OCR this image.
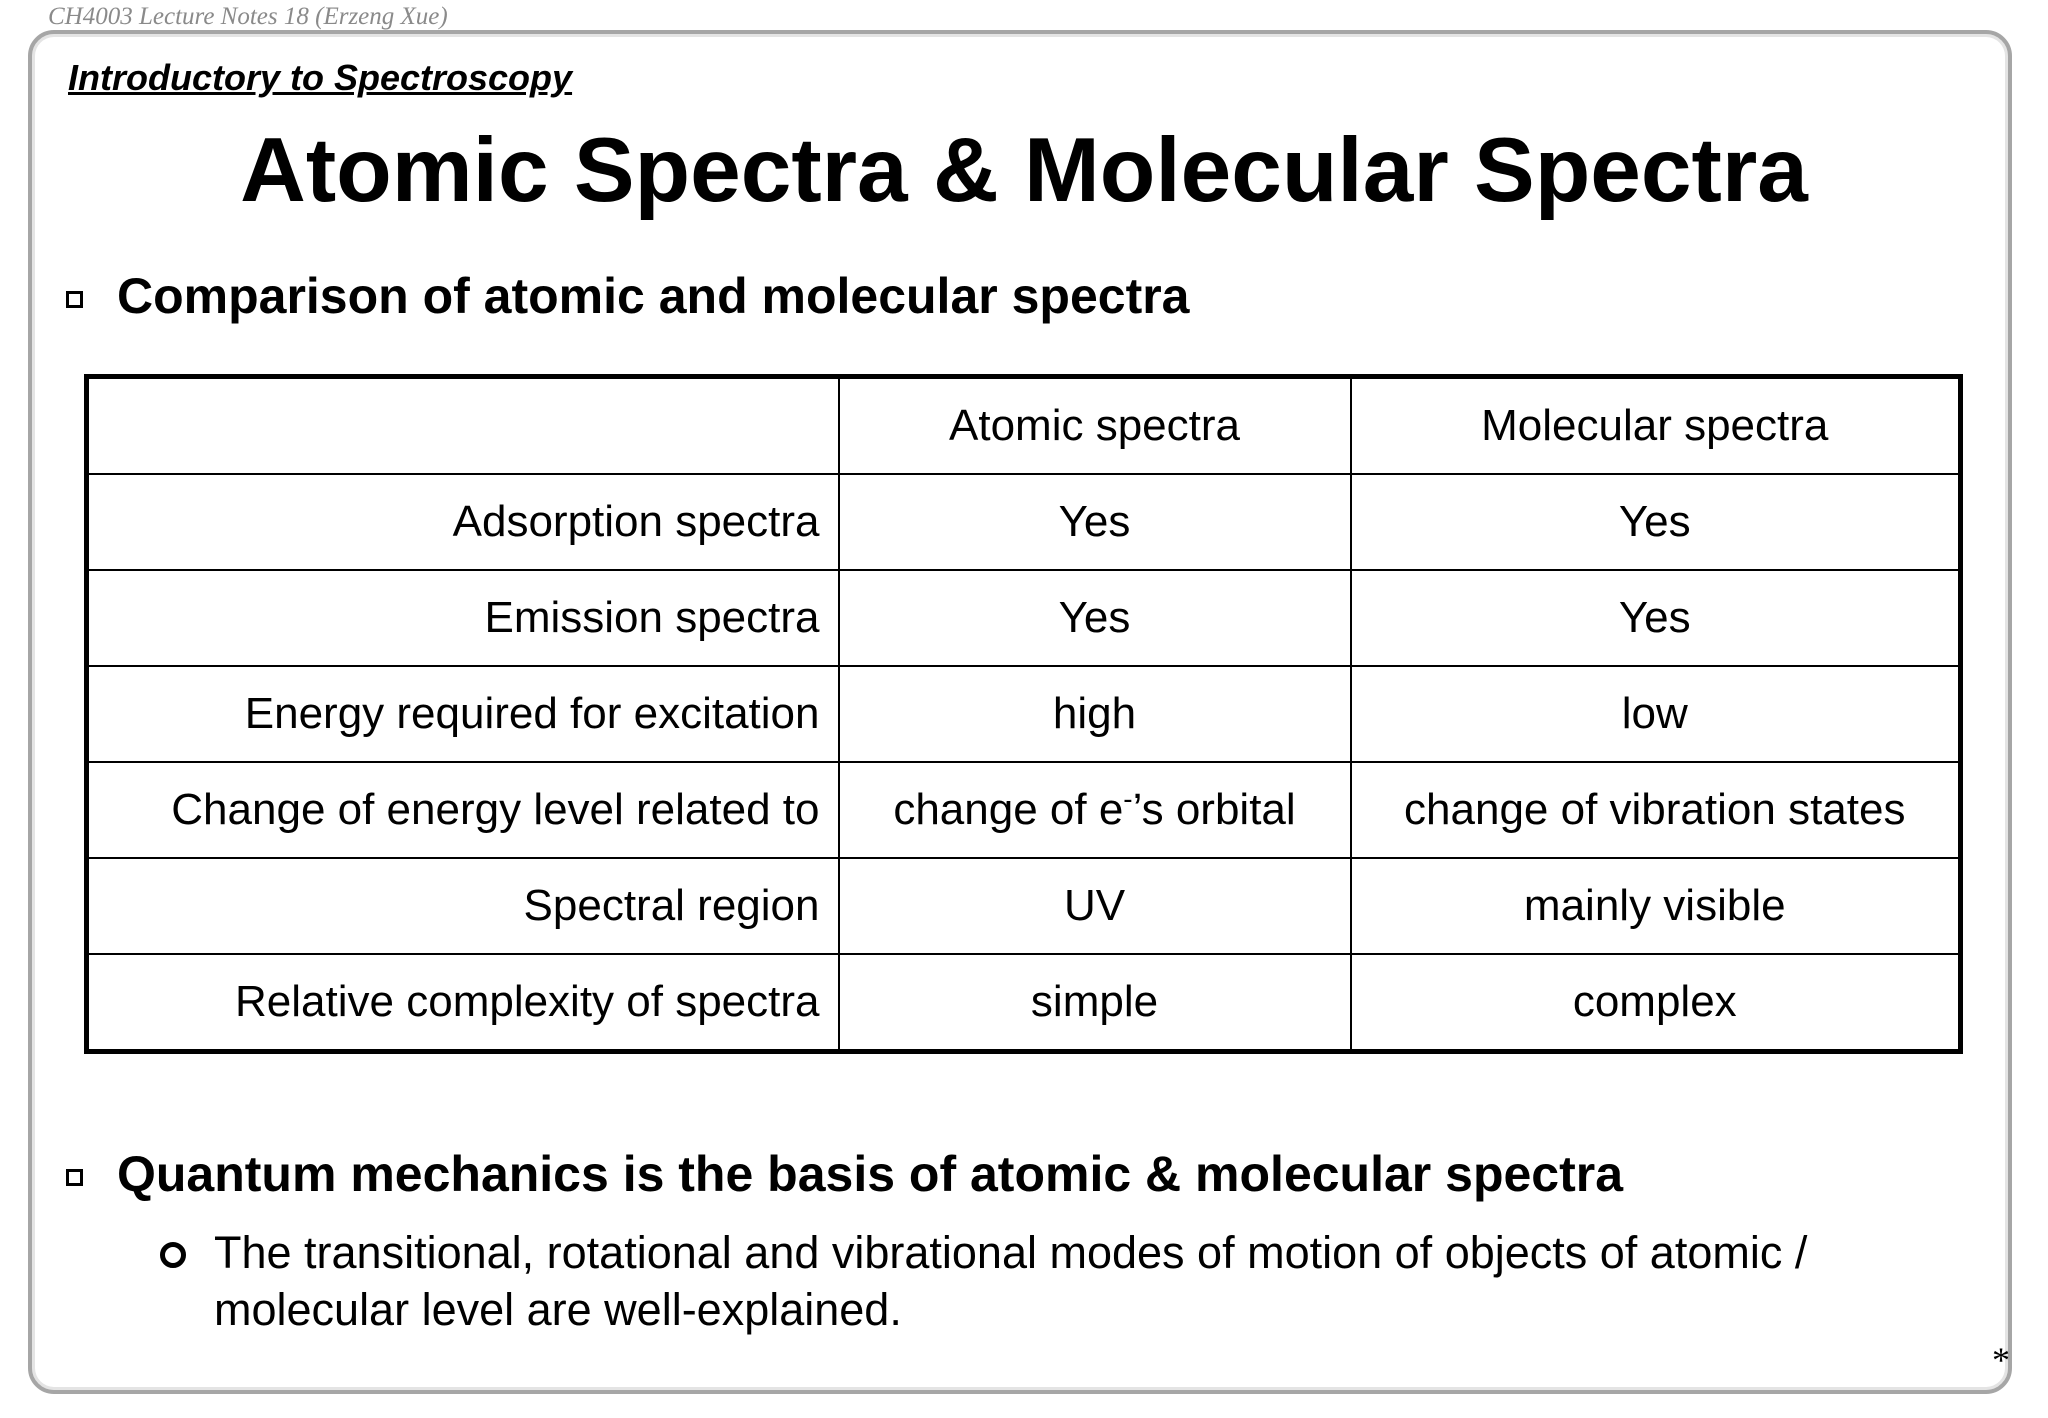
CH4003 Lecture Notes 18 (Erzeng Xue)
Introductory to Spectroscopy
Atomic Spectra & Molecular Spectra
Comparison of atomic and molecular spectra
	Atomic spectra	Molecular spectra
Adsorption spectra	Yes	Yes
Emission spectra	Yes	Yes
Energy required for excitation	high	low
Change of energy level related to	change of e-’s orbital	change of vibration states
Spectral region	UV	mainly visible
Relative complexity of spectra	simple	complex
Quantum mechanics is the basis of atomic & molecular spectra
The transitional, rotational and vibrational modes of motion of objects of atomic / molecular level are well-explained.
*
